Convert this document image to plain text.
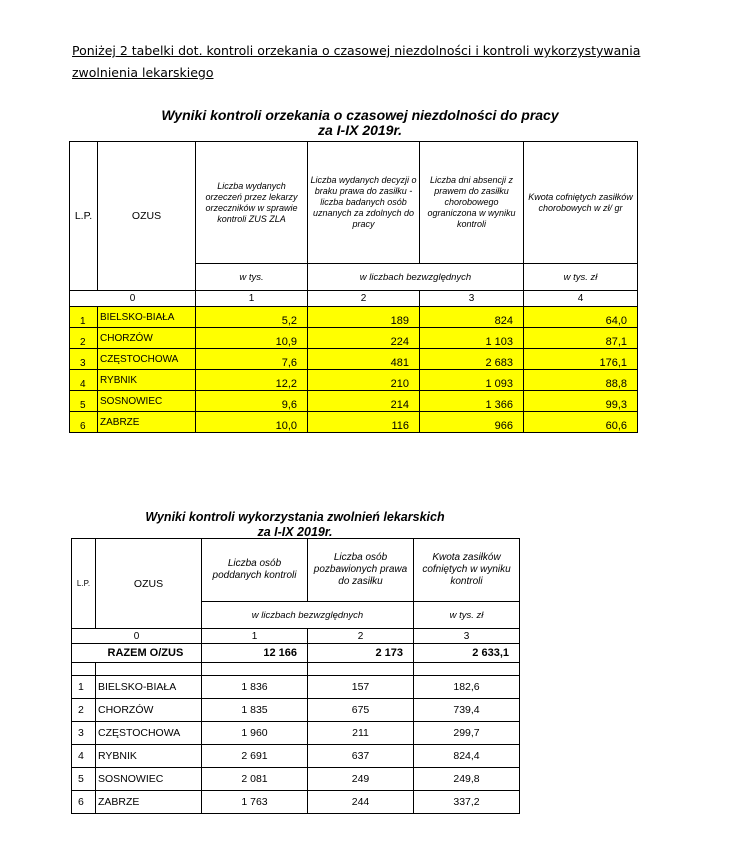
Poniżej 2 tabelki dot. kontroli orzekania o czasowej niezdolności i kontroli wykorzystywania zwolnienia lekarskiego
Wyniki kontroli orzekania o czasowej niezdolności do pracy
za I-IX 2019r.
L.P.	OZUS	Liczba wydanych orzeczeń przez lekarzy orzeczników w sprawie kontroli ZUS ZLA	Liczba wydanych decyzji o braku prawa do zasiłku - liczba badanych osób uznanych za zdolnych do pracy	Liczba dni absencji z prawem do zasiłku chorobowego ograniczona w wyniku kontroli	Kwota cofniętych zasiłków chorobowych w zł/ gr
		w tys.	w liczbach bezwzględnych		w tys. zł
0		1	2	3	4
1	BIELSKO-BIAŁA	5,2	189	824	64,0
2	CHORZÓW	10,9	224	1 103	87,1
3	CZĘSTOCHOWA	7,6	481	2 683	176,1
4	RYBNIK	12,2	210	1 093	88,8
5	SOSNOWIEC	9,6	214	1 366	99,3
6	ZABRZE	10,0	116	966	60,6
Wyniki kontroli wykorzystania zwolnień lekarskich
za I-IX 2019r.
L.P.	OZUS	Liczba osób poddanych kontroli	Liczba osób pozbawionych prawa do zasiłku	Kwota zasiłków cofniętych w wyniku kontroli
		w liczbach bezwzględnych		w tys. zł
0		1	2	3
	RAZEM O/ZUS	12 166	2 173	2 633,1

1	BIELSKO-BIAŁA	1 836	157	182,6
2	CHORZÓW	1 835	675	739,4
3	CZĘSTOCHOWA	1 960	211	299,7
4	RYBNIK	2 691	637	824,4
5	SOSNOWIEC	2 081	249	249,8
6	ZABRZE	1 763	244	337,2
